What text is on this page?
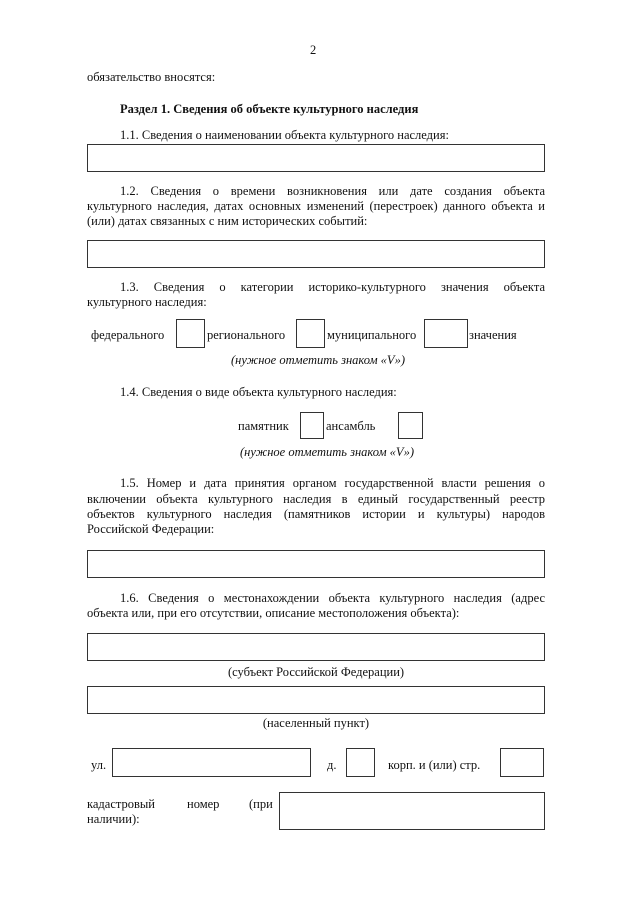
2
обязательство вносятся:
Раздел 1. Сведения об объекте культурного наследия
1.1. Сведения о наименовании объекта культурного наследия:
1.2. Сведения о времени возникновения или дате создания объекта
культурного наследия, датах основных изменений (перестроек) данного объекта и
(или) датах связанных с ним исторических событий:
1.3. Сведения о категории историко-культурного значения объекта
культурного наследия:
федерального	регионального	муниципального	значения
(нужное отметить знаком «V»)
1.4. Сведения о виде объекта культурного наследия:
памятник	ансамбль
(нужное отметить знаком «V»)
1.5. Номер и дата принятия органом государственной власти решения о
включении объекта культурного наследия в единый государственный реестр
объектов культурного наследия (памятников истории и культуры) народов
Российской Федерации:
1.6. Сведения о местонахождении объекта культурного наследия (адрес
объекта или, при его отсутствии, описание местоположения объекта):
(субъект Российской Федерации)
(населенный пункт)
ул.	д.	корп. и (или) стр.
кадастровый	номер (при
наличии):
